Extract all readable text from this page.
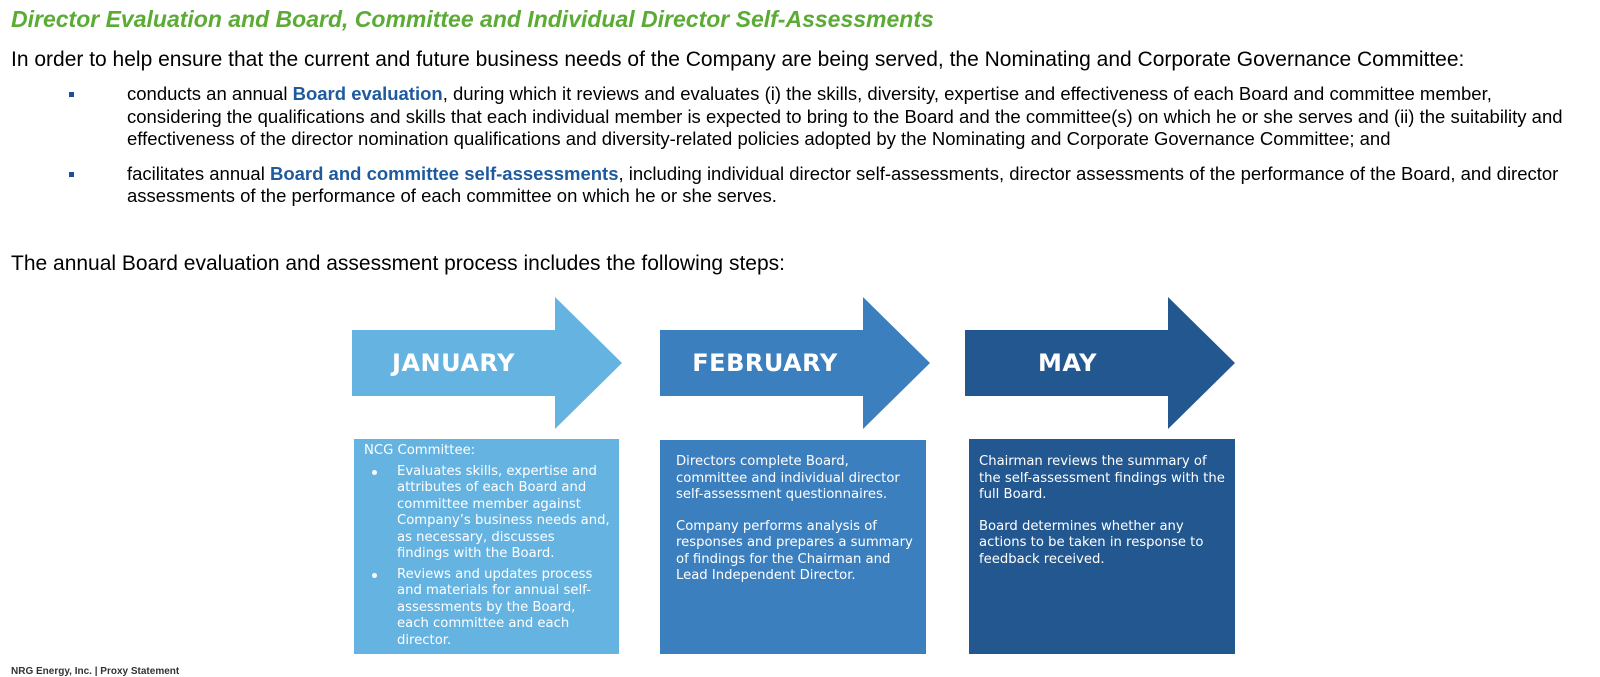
Director Evaluation and Board, Committee and Individual Director Self-Assessments
In order to help ensure that the current and future business needs of the Company are being served, the Nominating and Corporate Governance Committee:
conducts an annual Board evaluation, during which it reviews and evaluates (i) the skills, diversity, expertise and effectiveness of each Board and committee member, considering the qualifications and skills that each individual member is expected to bring to the Board and the committee(s) on which he or she serves and (ii) the suitability and effectiveness of the director nomination qualifications and diversity-related policies adopted by the Nominating and Corporate Governance Committee; and
facilitates annual Board and committee self-assessments, including individual director self-assessments, director assessments of the performance of the Board, and director assessments of the performance of each committee on which he or she serves.
The annual Board evaluation and assessment process includes the following steps:
JANUARY
NCG Committee:
Evaluates skills, expertise and attributes of each Board and committee member against Company’s business needs and, as necessary, discusses findings with the Board.
Reviews and updates process and materials for annual self-assessments by the Board, each committee and each director.
FEBRUARY

Directors complete Board, committee and individual director self-assessment questionnaires.

Company performs analysis of responses and prepares a summary of findings for the Chairman and Lead Independent Director.

MAY

Chairman reviews the summary of the self-assessment findings with the full Board.

Board determines whether any actions to be taken in response to feedback received.

NRG Energy, Inc. | Proxy Statement
